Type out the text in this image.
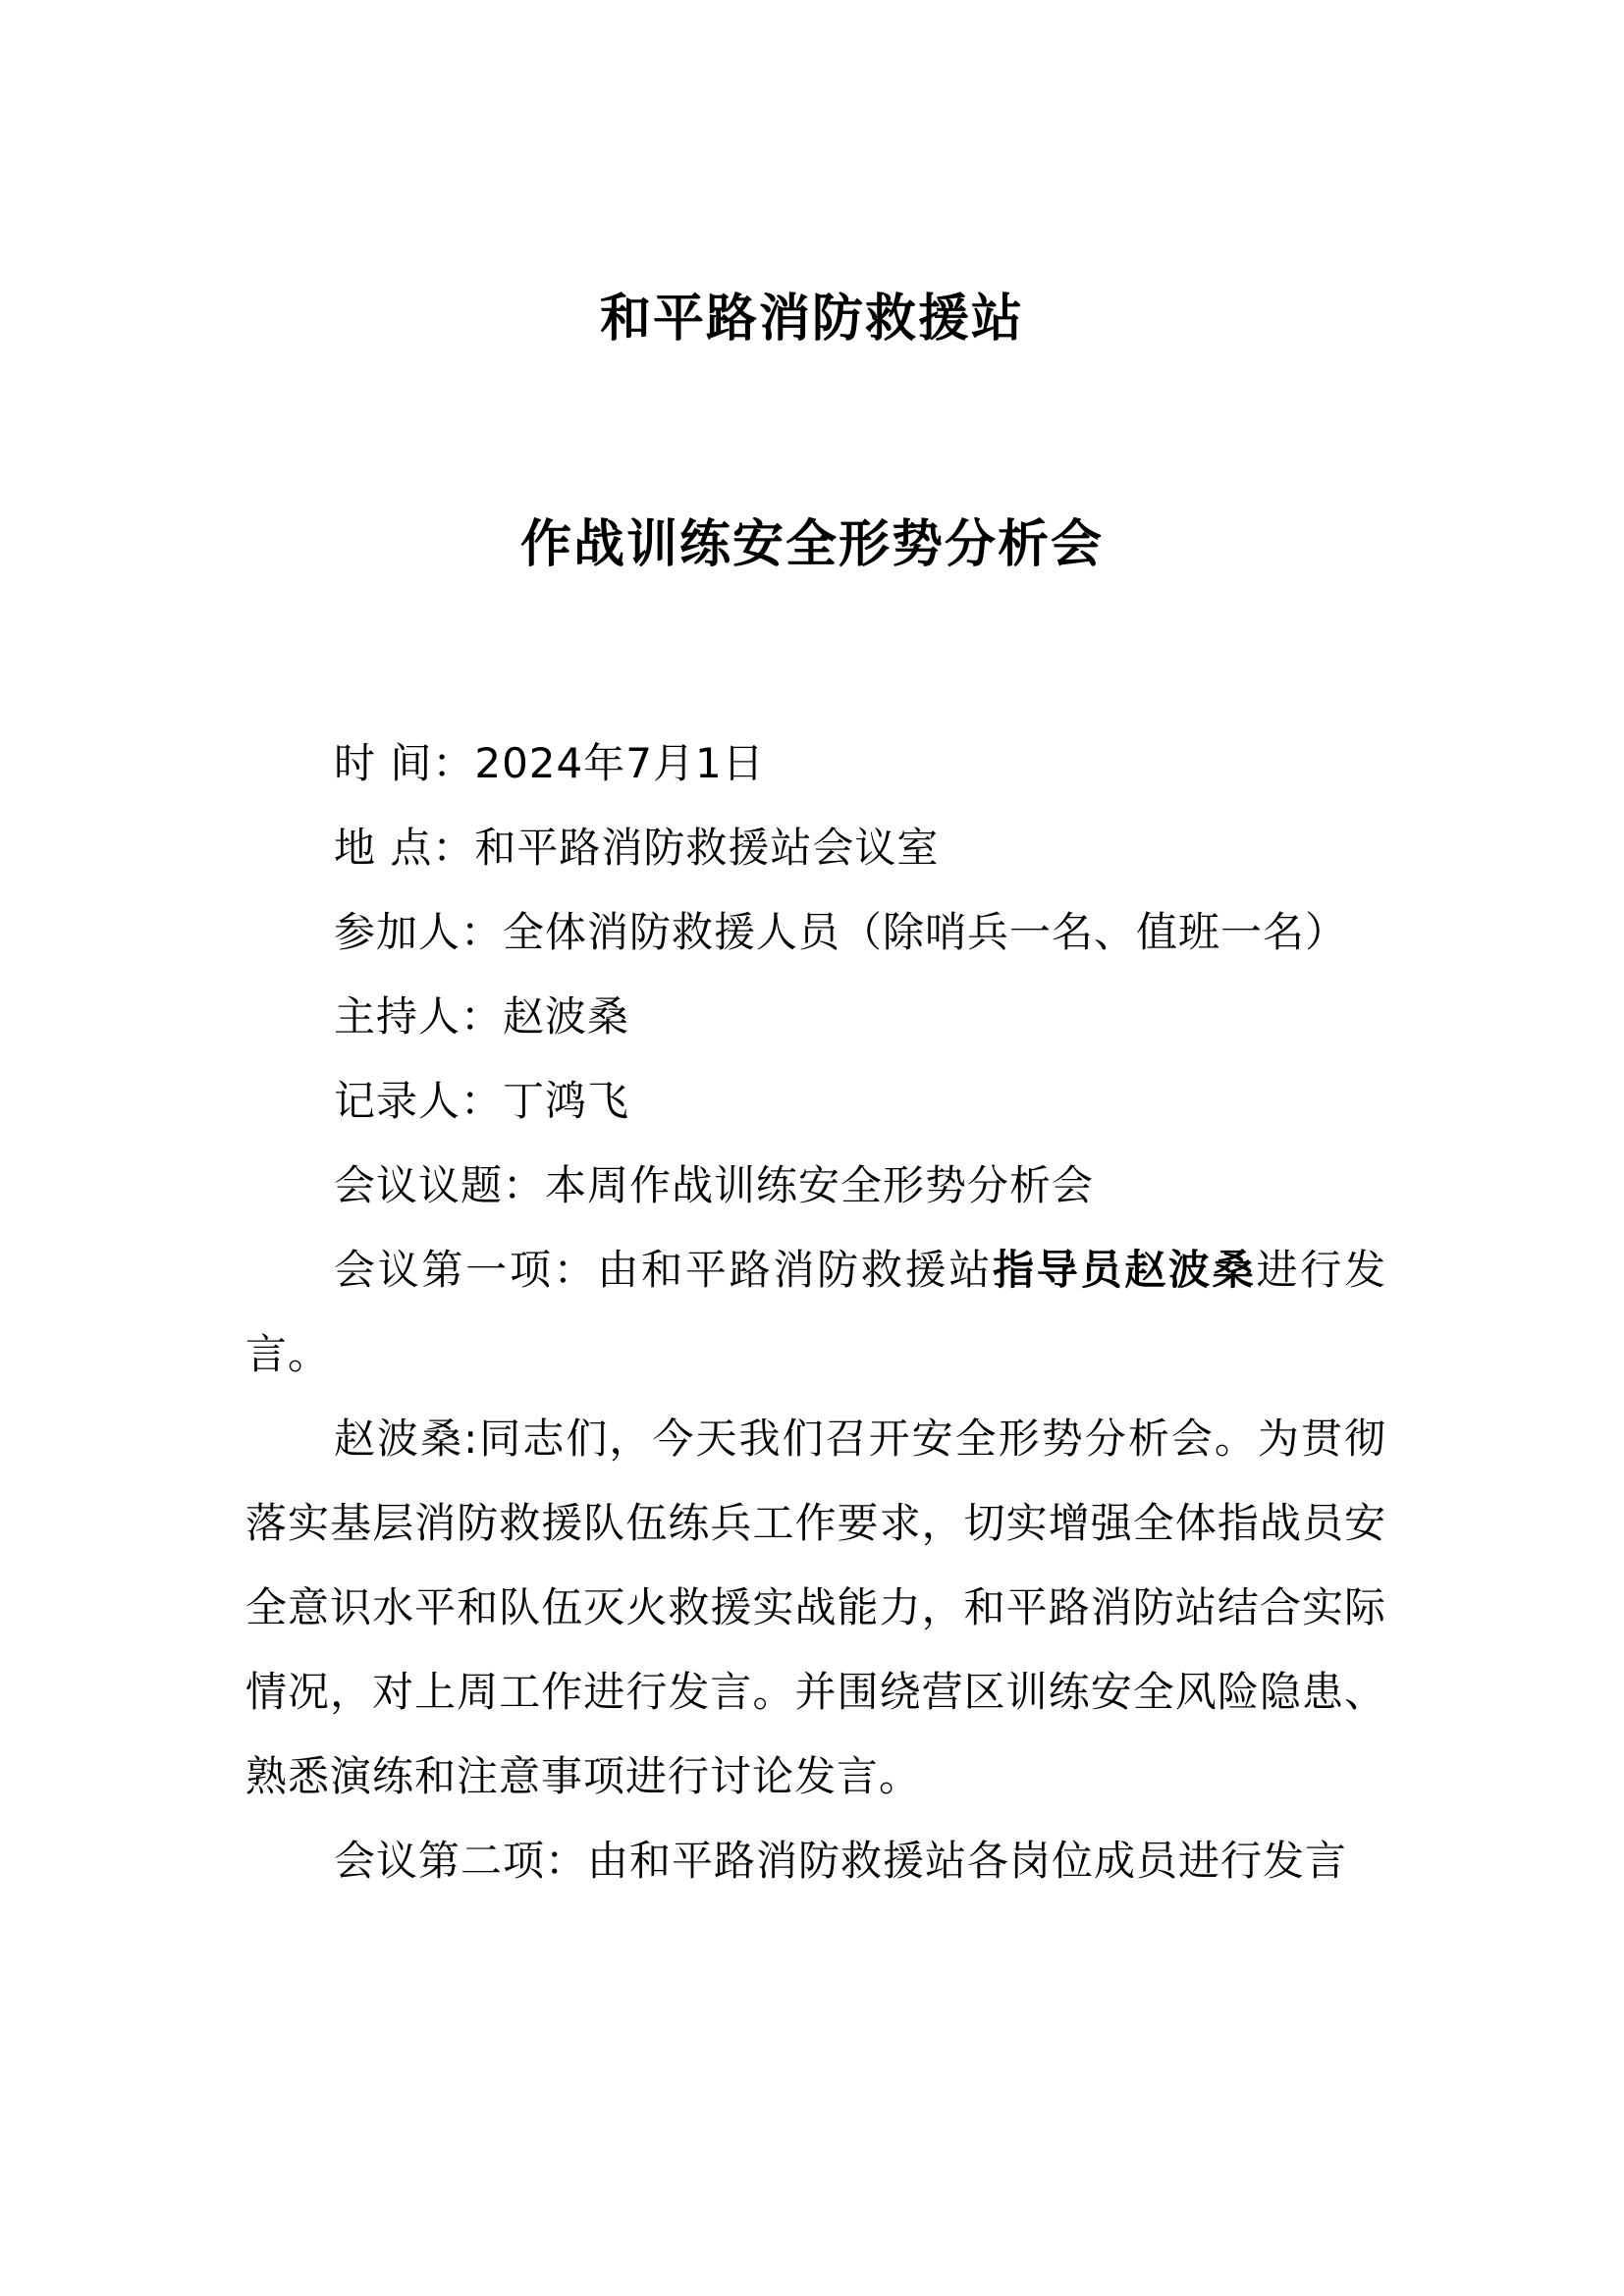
和平路消防救援站
作战训练安全形势分析会

时 间：2024年7月1日

地 点：和平路消防救援站会议室

参加人：全体消防救援人员（除哨兵一名、值班一名）

主持人：赵波桑

记录人：丁鸿飞

会议议题：本周作战训练安全形势分析会

会议第一项：由和平路消防救援站指导员赵波桑进行发言。

赵波桑:同志们，今天我们召开安全形势分析会。为贯彻落实基层消防救援队伍练兵工作要求，切实增强全体指战员安全意识水平和队伍灭火救援实战能力，和平路消防站结合实际情况，对上周工作进行发言。并围绕营区训练安全风险隐患、熟悉演练和注意事项进行讨论发言。

会议第二项：由和平路消防救援站各岗位成员进行发言
